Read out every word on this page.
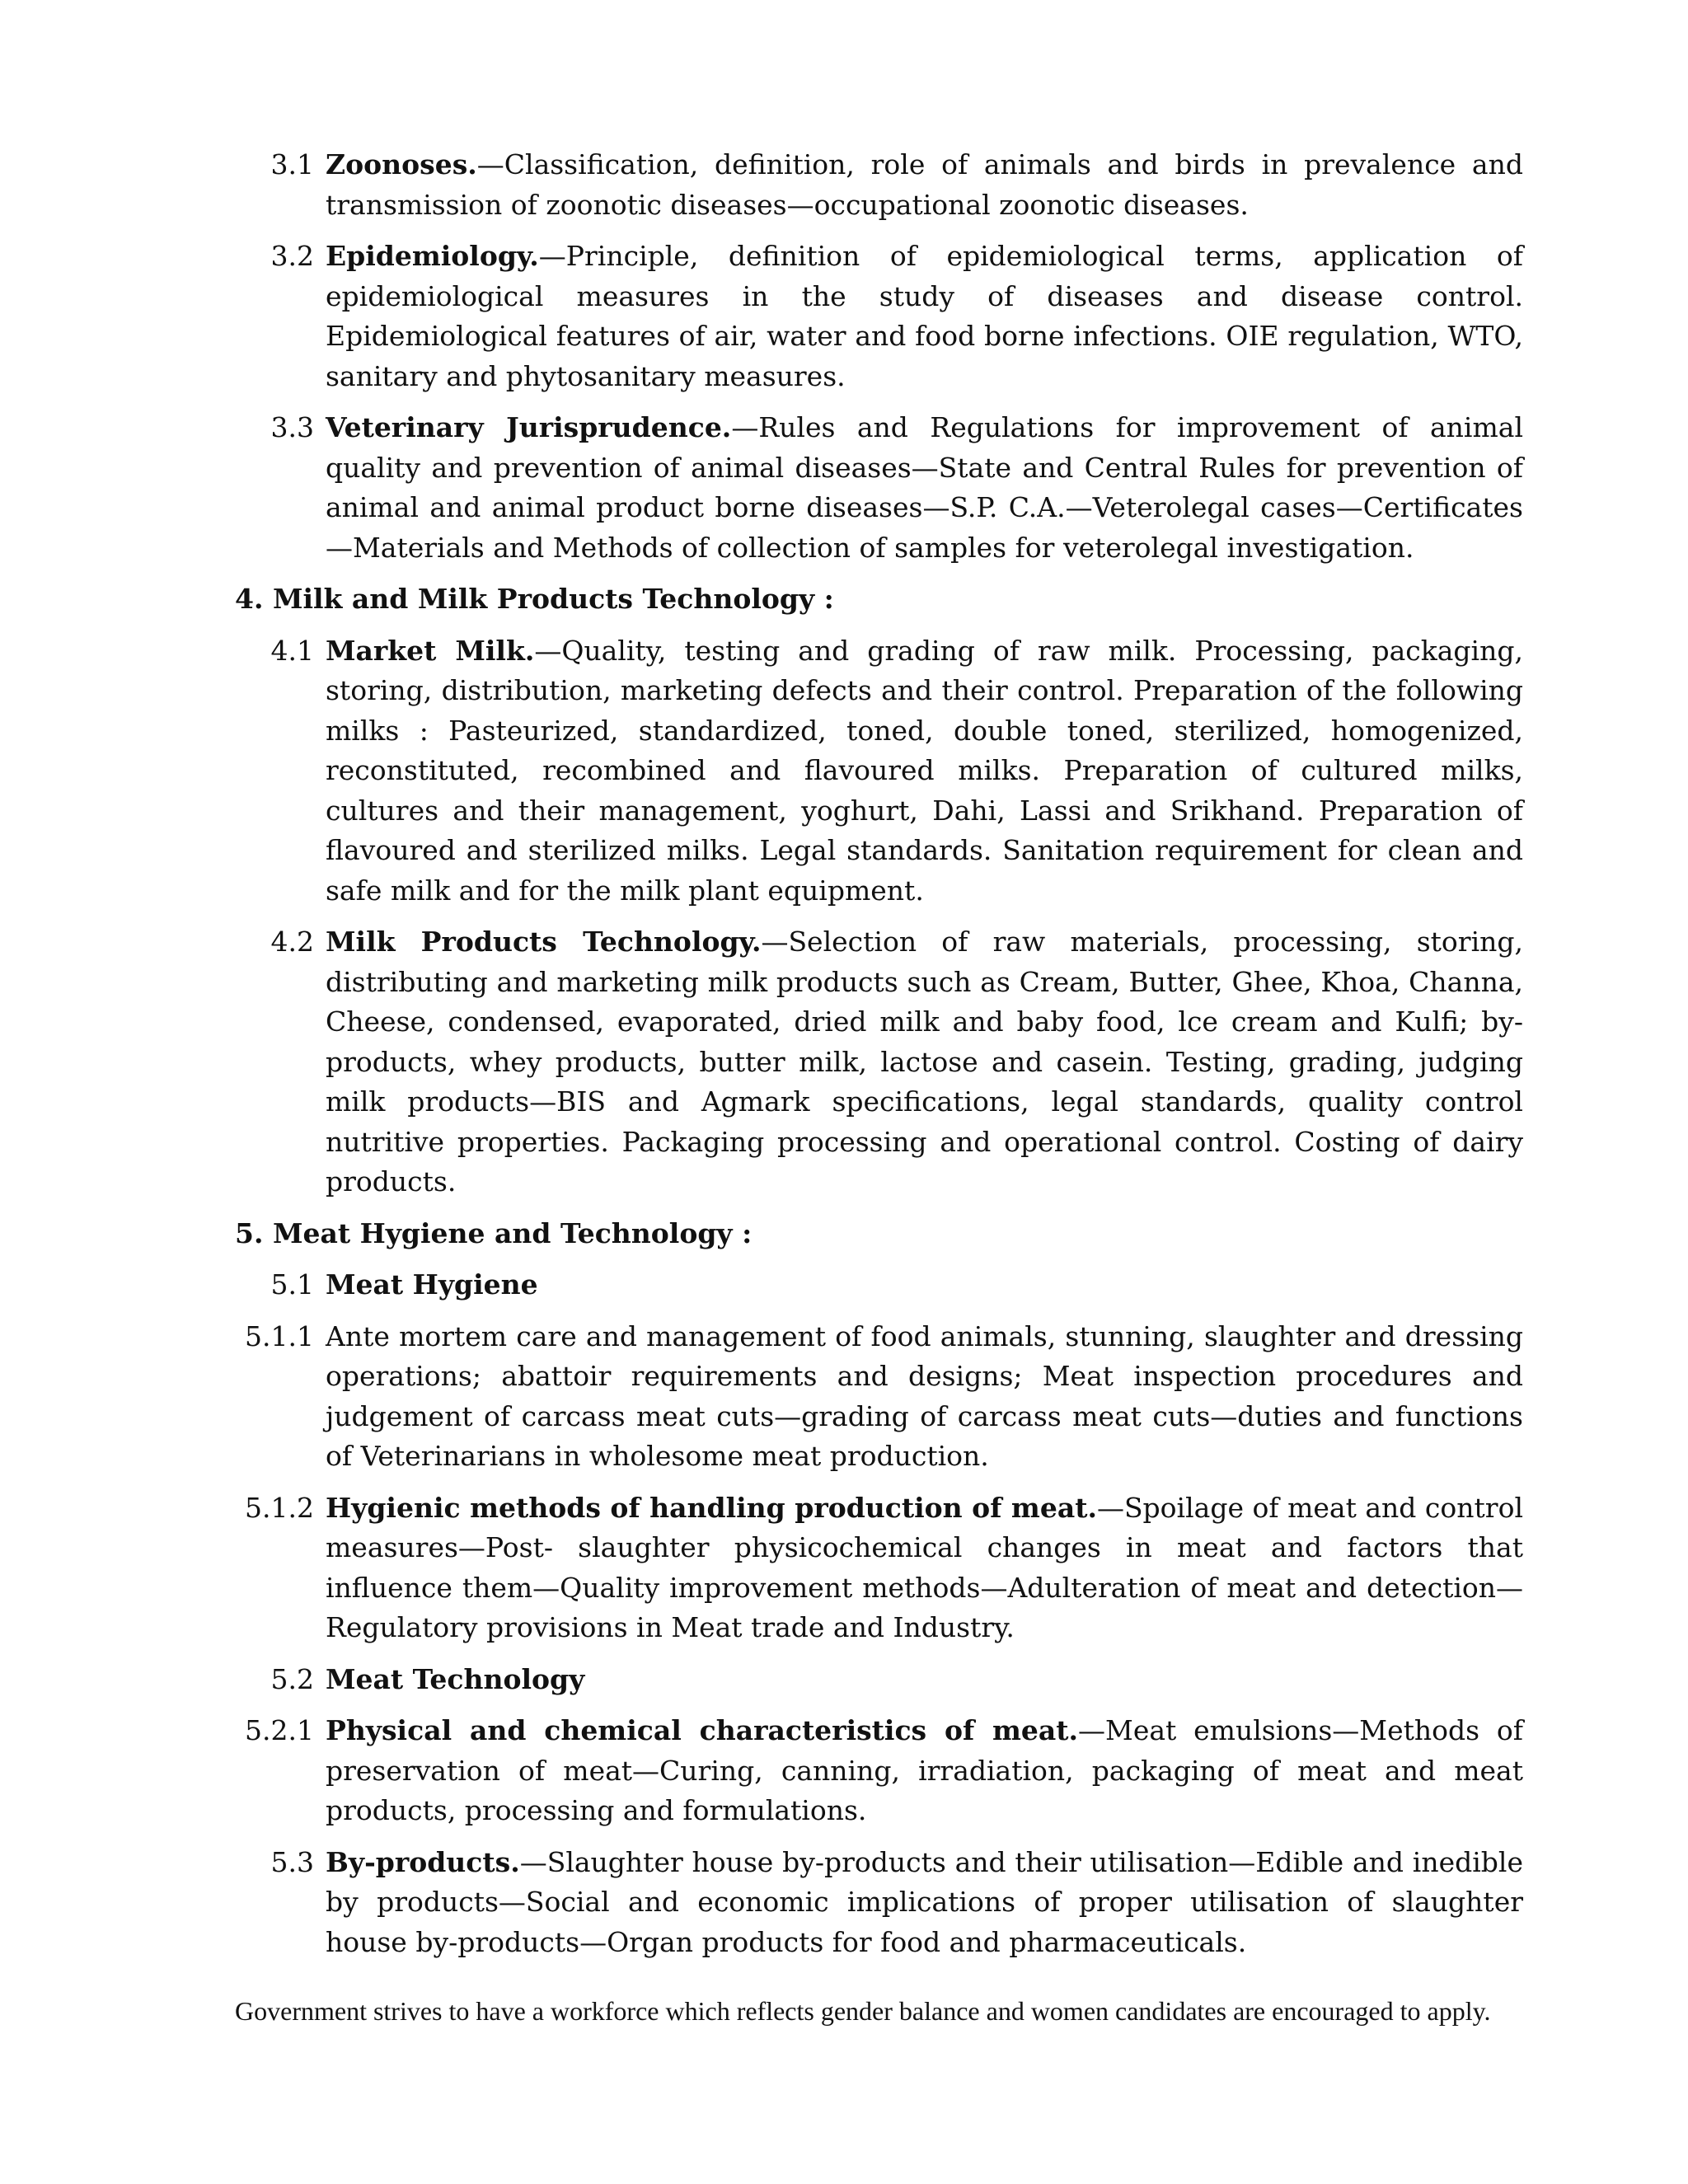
3.1 Zoonoses.—Classification, definition, role of animals and birds in prevalence and transmission of zoonotic diseases—occupational zoonotic diseases.
3.2 Epidemiology.—Principle, definition of epidemiological terms, application of epidemiological measures in the study of diseases and disease control. Epidemiological features of air, water and food borne infections. OIE regulation, WTO, sanitary and phytosanitary measures.
3.3 Veterinary Jurisprudence.—Rules and Regulations for improvement of animal quality and prevention of animal diseases—State and Central Rules for prevention of animal and animal product borne diseases—S.P. C.A.—Veterolegal cases—Certificates—Materials and Methods of collection of samples for veterolegal investigation.
4. Milk and Milk Products Technology :
4.1 Market Milk.—Quality, testing and grading of raw milk. Processing, packaging, storing, distribution, marketing defects and their control. Preparation of the following milks : Pasteurized, standardized, toned, double toned, sterilized, homogenized, reconstituted, recombined and flavoured milks. Preparation of cultured milks, cultures and their management, yoghurt, Dahi, Lassi and Srikhand. Preparation of flavoured and sterilized milks. Legal standards. Sanitation requirement for clean and safe milk and for the milk plant equipment.
4.2 Milk Products Technology.—Selection of raw materials, processing, storing, distributing and marketing milk products such as Cream, Butter, Ghee, Khoa, Channa, Cheese, condensed, evaporated, dried milk and baby food, lce cream and Kulfi; by-products, whey products, butter milk, lactose and casein. Testing, grading, judging milk products—BIS and Agmark specifications, legal standards, quality control nutritive properties. Packaging processing and operational control. Costing of dairy products.
5. Meat Hygiene and Technology :
5.1 Meat Hygiene
5.1.1 Ante mortem care and management of food animals, stunning, slaughter and dressing operations; abattoir requirements and designs; Meat inspection procedures and judgement of carcass meat cuts—grading of carcass meat cuts—duties and functions of Veterinarians in wholesome meat production.
5.1.2 Hygienic methods of handling production of meat.—Spoilage of meat and control measures—Post- slaughter physicochemical changes in meat and factors that influence them—Quality improvement methods—Adulteration of meat and detection—Regulatory provisions in Meat trade and Industry.
5.2 Meat Technology
5.2.1 Physical and chemical characteristics of meat.—Meat emulsions—Methods of preservation of meat—Curing, canning, irradiation, packaging of meat and meat products, processing and formulations.
5.3 By-products.—Slaughter house by-products and their utilisation—Edible and inedible by products—Social and economic implications of proper utilisation of slaughter house by-products—Organ products for food and pharmaceuticals.
Government strives to have a workforce which reflects gender balance and women candidates are encouraged to apply.
